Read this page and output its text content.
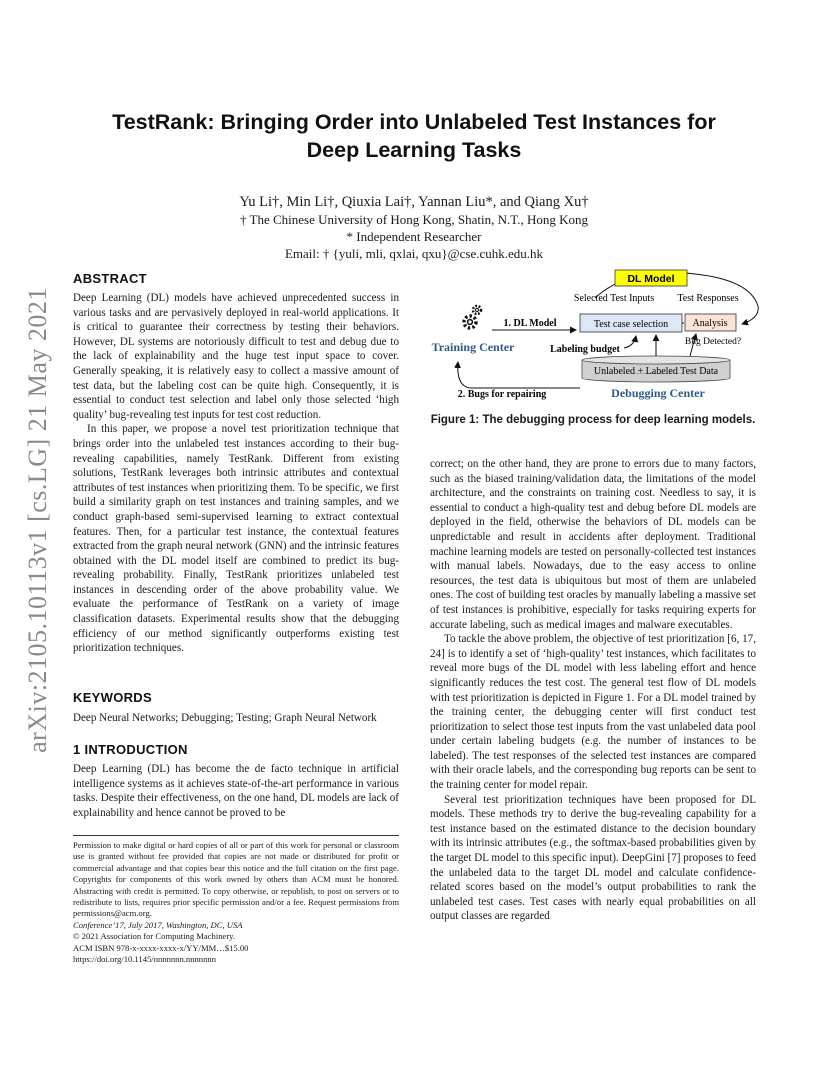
arXiv:2105.10113v1 [cs.LG] 21 May 2021
TestRank: Bringing Order into Unlabeled Test Instances for
Deep Learning Tasks
Yu Li†, Min Li†, Qiuxia Lai†, Yannan Liu*, and Qiang Xu†
† The Chinese University of Hong Kong, Shatin, N.T., Hong Kong
* Independent Researcher
Email: † {yuli, mli, qxlai, qxu}@cse.cuhk.edu.hk
ABSTRACT

Deep Learning (DL) models have achieved unprecedented success in various tasks and are pervasively deployed in real-world applications. It is critical to guarantee their correctness by testing their behaviors. However, DL systems are notoriously difficult to test and debug due to the lack of explainability and the huge test input space to cover. Generally speaking, it is relatively easy to collect a massive amount of test data, but the labeling cost can be quite high. Consequently, it is essential to conduct test selection and label only those selected ‘high quality’ bug-revealing test inputs for test cost reduction.

In this paper, we propose a novel test prioritization technique that brings order into the unlabeled test instances according to their bug-revealing capabilities, namely TestRank. Different from existing solutions, TestRank leverages both intrinsic attributes and contextual attributes of test instances when prioritizing them. To be specific, we first build a similarity graph on test instances and training samples, and we conduct graph-based semi-supervised learning to extract contextual features. Then, for a particular test instance, the contextual features extracted from the graph neural network (GNN) and the intrinsic features obtained with the DL model itself are combined to predict its bug-revealing probability. Finally, TestRank prioritizes unlabeled test instances in descending order of the above probability value. We evaluate the performance of TestRank on a variety of image classification datasets. Experimental results show that the debugging efficiency of our method significantly outperforms existing test prioritization techniques.

KEYWORDS
Deep Neural Networks; Debugging; Testing; Graph Neural Network
1 INTRODUCTION
Deep Learning (DL) has become the de facto technique in artificial intelligence systems as it achieves state-of-the-art performance in various tasks. Despite their effectiveness, on the one hand, DL models are lack of explainability and hence cannot be proved to be
Permission to make digital or hard copies of all or part of this work for personal or classroom use is granted without fee provided that copies are not made or distributed for profit or commercial advantage and that copies bear this notice and the full citation on the first page. Copyrights for components of this work owned by others than ACM must be honored. Abstracting with credit is permitted. To copy otherwise, or republish, to post on servers or to redistribute to lists, requires prior specific permission and/or a fee. Request permissions from permissions@acm.org.
Conference’17, July 2017, Washington, DC, USA
© 2021 Association for Computing Machinery.
ACM ISBN 978-x-xxxx-xxxx-x/YY/MM…$15.00
https://doi.org/10.1145/nnnnnnn.nnnnnnn
DL Model
Selected Test Inputs Test Responses
1. DL Model	Test case selection Analysis
Bug Detected?
Labeling budget
Training Center
Unlabeled + Labeled Test Data
2. Bugs for repairing	Debugging Center
Figure 1: The debugging process for deep learning models.

correct; on the other hand, they are prone to errors due to many factors, such as the biased training/validation data, the limitations of the model architecture, and the constraints on training cost. Needless to say, it is essential to conduct a high-quality test and debug before DL models are deployed in the field, otherwise the behaviors of DL models can be unpredictable and result in accidents after deployment. Traditional machine learning models are tested on personally-collected test instances with manual labels. Nowadays, due to the easy access to online resources, the test data is ubiquitous but most of them are unlabeled ones. The cost of building test oracles by manually labeling a massive set of test instances is prohibitive, especially for tasks requiring experts for accurate labeling, such as medical images and malware executables.

To tackle the above problem, the objective of test prioritization [6, 17, 24] is to identify a set of ‘high-quality’ test instances, which facilitates to reveal more bugs of the DL model with less labeling effort and hence significantly reduces the test cost. The general test flow of DL models with test prioritization is depicted in Figure 1. For a DL model trained by the training center, the debugging center will first conduct test prioritization to select those test inputs from the vast unlabeled data pool under certain labeling budgets (e.g. the number of instances to be labeled). The test responses of the selected test instances are compared with their oracle labels, and the corresponding bug reports can be sent to the training center for model repair.

Several test prioritization techniques have been proposed for DL models. These methods try to derive the bug-revealing capability for a test instance based on the estimated distance to the decision boundary with its intrinsic attributes (e.g., the softmax-based probabilities given by the target DL model to this specific input). DeepGini [7] proposes to feed the unlabeled data to the target DL model and calculate confidence-related scores based on the model’s output probabilities to rank the unlabeled test cases. Test cases with nearly equal probabilities on all output classes are regarded
